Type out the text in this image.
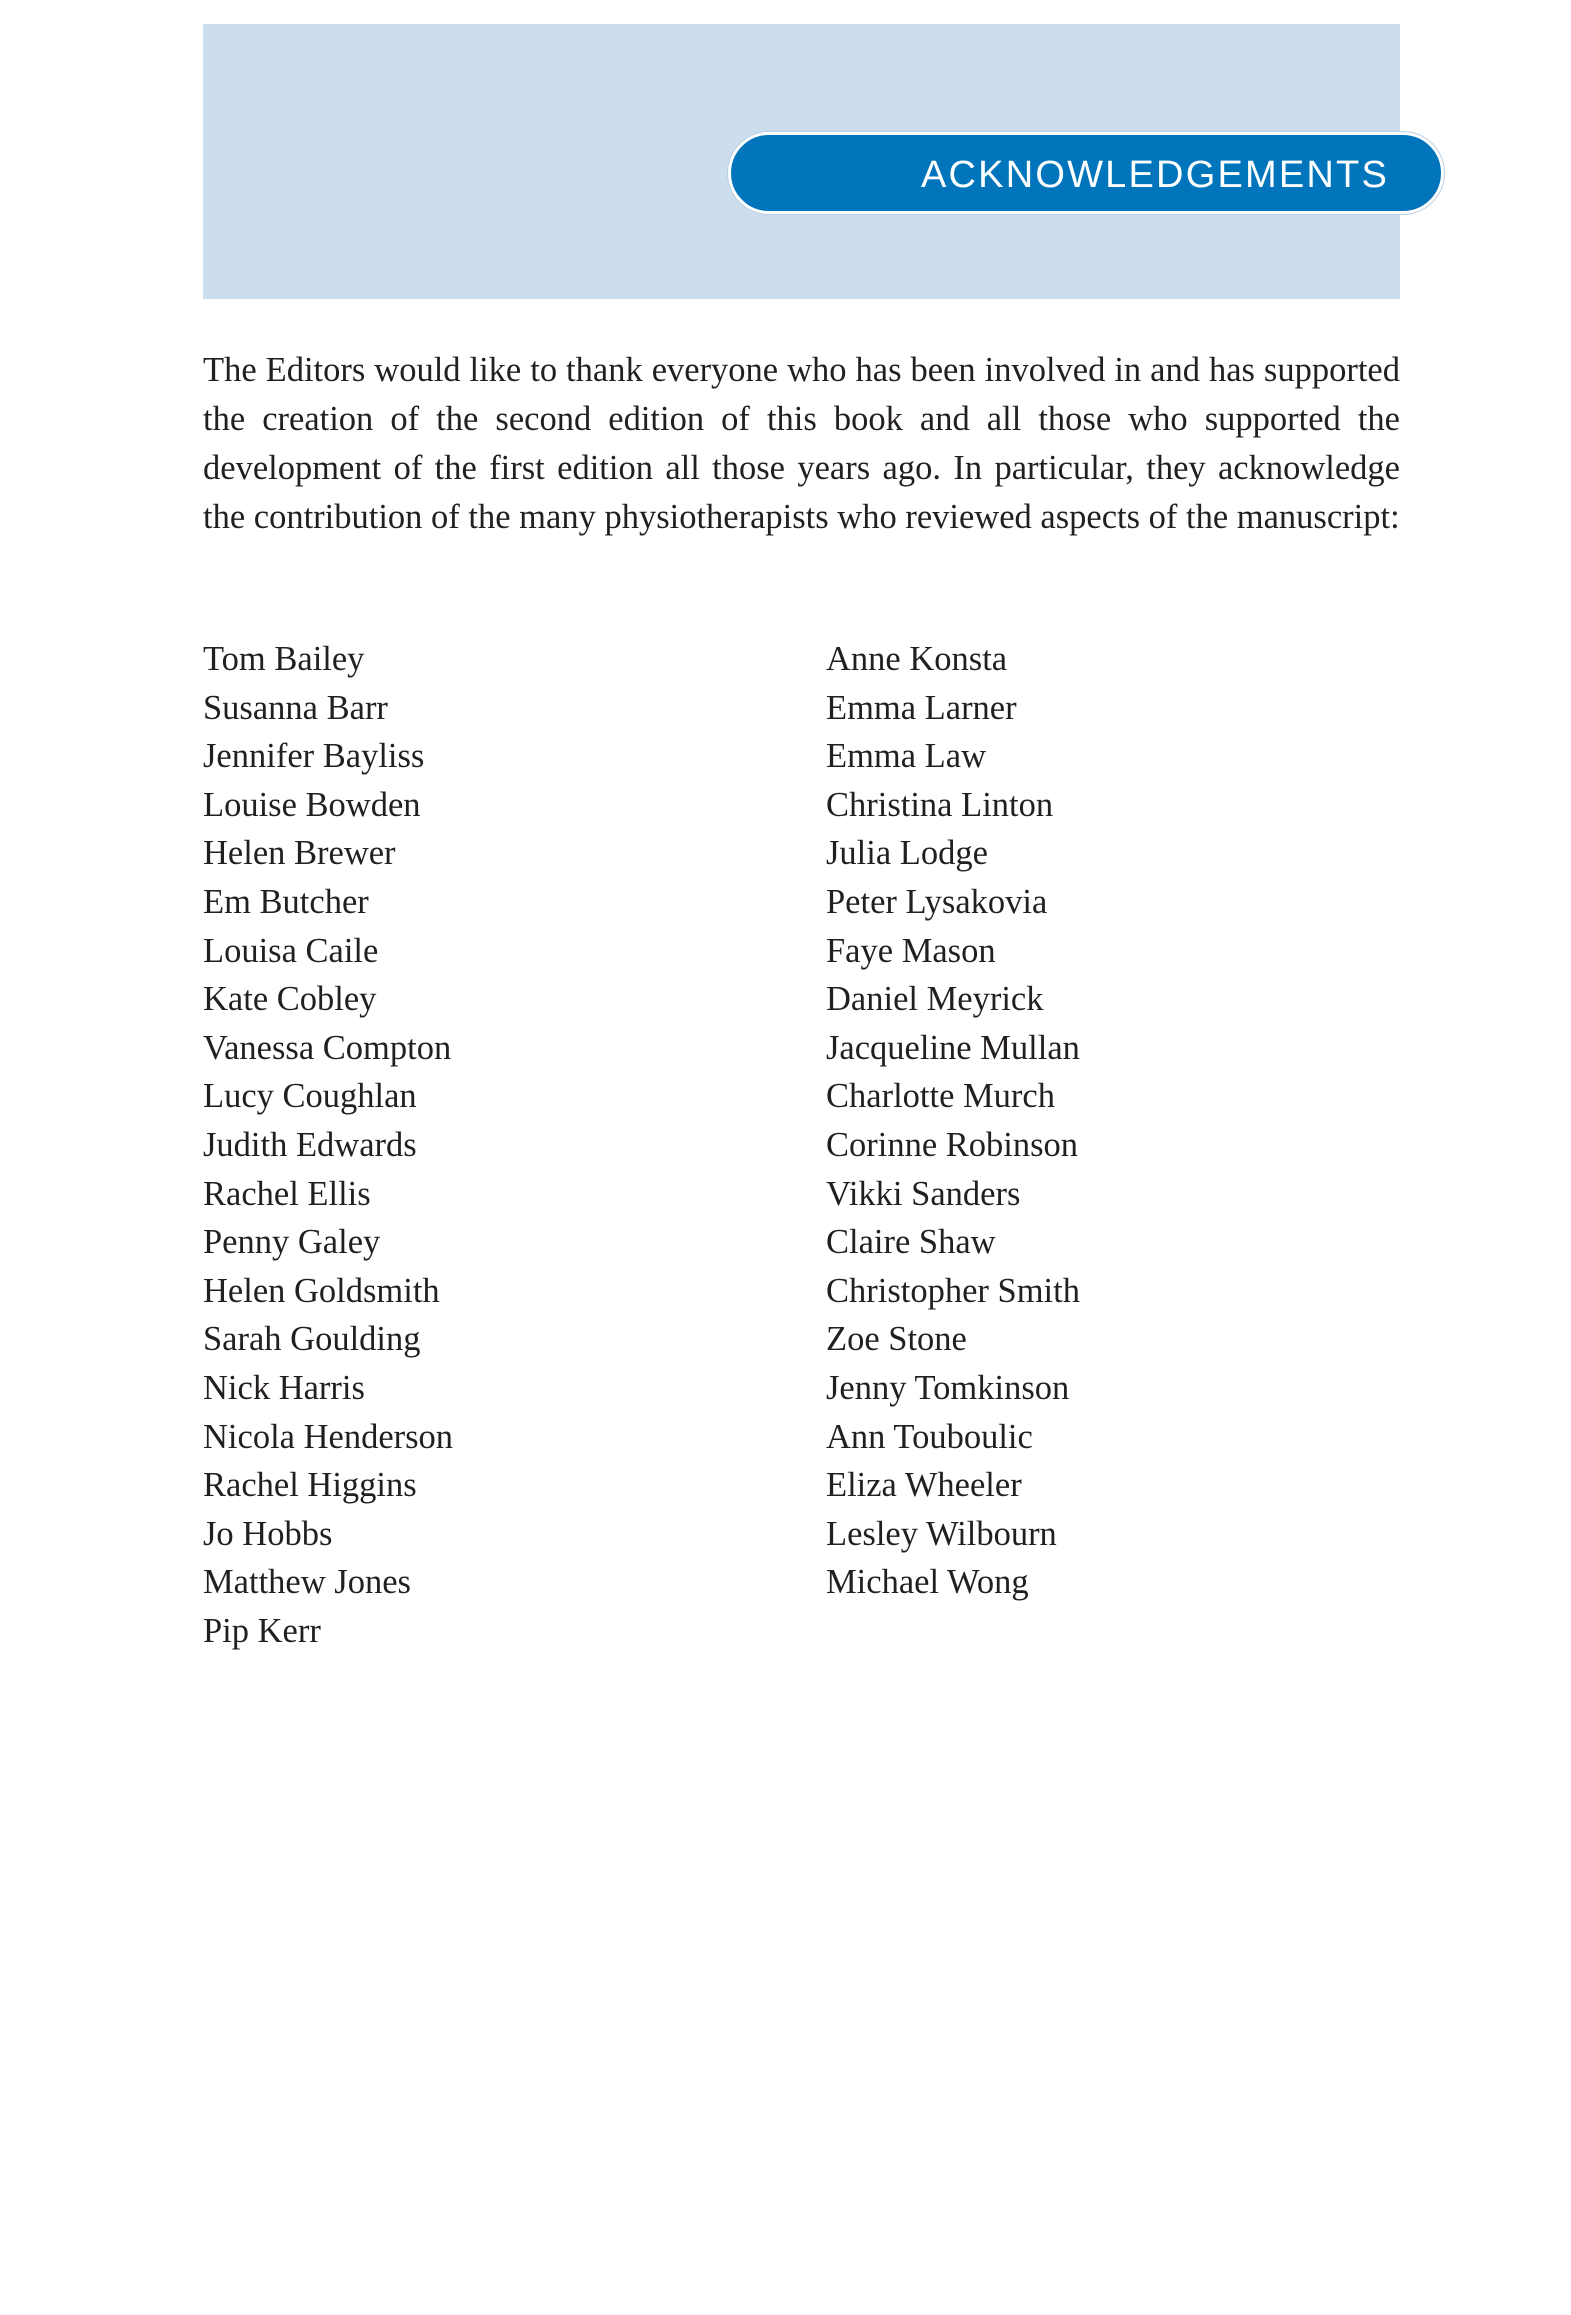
ACKNOWLEDGEMENTS

The Editors would like to thank everyone who has been involved in and has supported the creation of the second edition of this book and all those who supported the development of the first edition all those years ago. In particular, they acknowledge the contribution of the many physiotherapists who reviewed aspects of the manuscript:

Tom Bailey
Susanna Barr
Jennifer Bayliss
Louise Bowden
Helen Brewer
Em Butcher
Louisa Caile
Kate Cobley
Vanessa Compton
Lucy Coughlan
Judith Edwards
Rachel Ellis
Penny Galey
Helen Goldsmith
Sarah Goulding
Nick Harris
Nicola Henderson
Rachel Higgins
Jo Hobbs
Matthew Jones
Pip Kerr
Anne Konsta
Emma Larner
Emma Law
Christina Linton
Julia Lodge
Peter Lysakovia
Faye Mason
Daniel Meyrick
Jacqueline Mullan
Charlotte Murch
Corinne Robinson
Vikki Sanders
Claire Shaw
Christopher Smith
Zoe Stone
Jenny Tomkinson
Ann Touboulic
Eliza Wheeler
Lesley Wilbourn
Michael Wong
